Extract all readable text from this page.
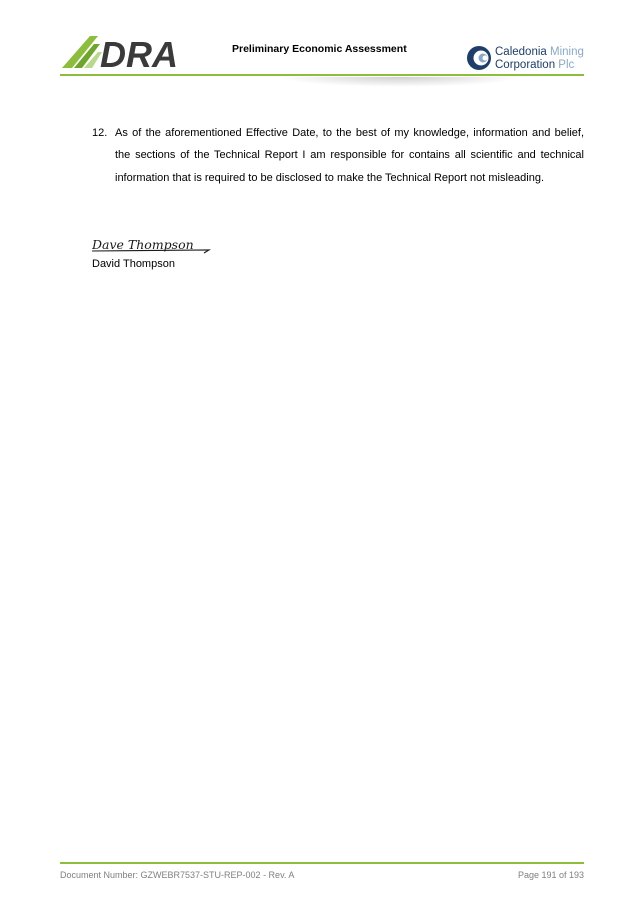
DRA	Preliminary Economic Assessment	Caledonia Mining
Corporation Plc
12. As of the aforementioned Effective Date, to the best of my knowledge, information and belief, the sections of the Technical Report I am responsible for contains all scientific and technical information that is required to be disclosed to make the Technical Report not misleading.
Dave Thompson
David Thompson
Document Number: GZWEBR7537-STU-REP-002 - Rev. A	Page 191 of 193
